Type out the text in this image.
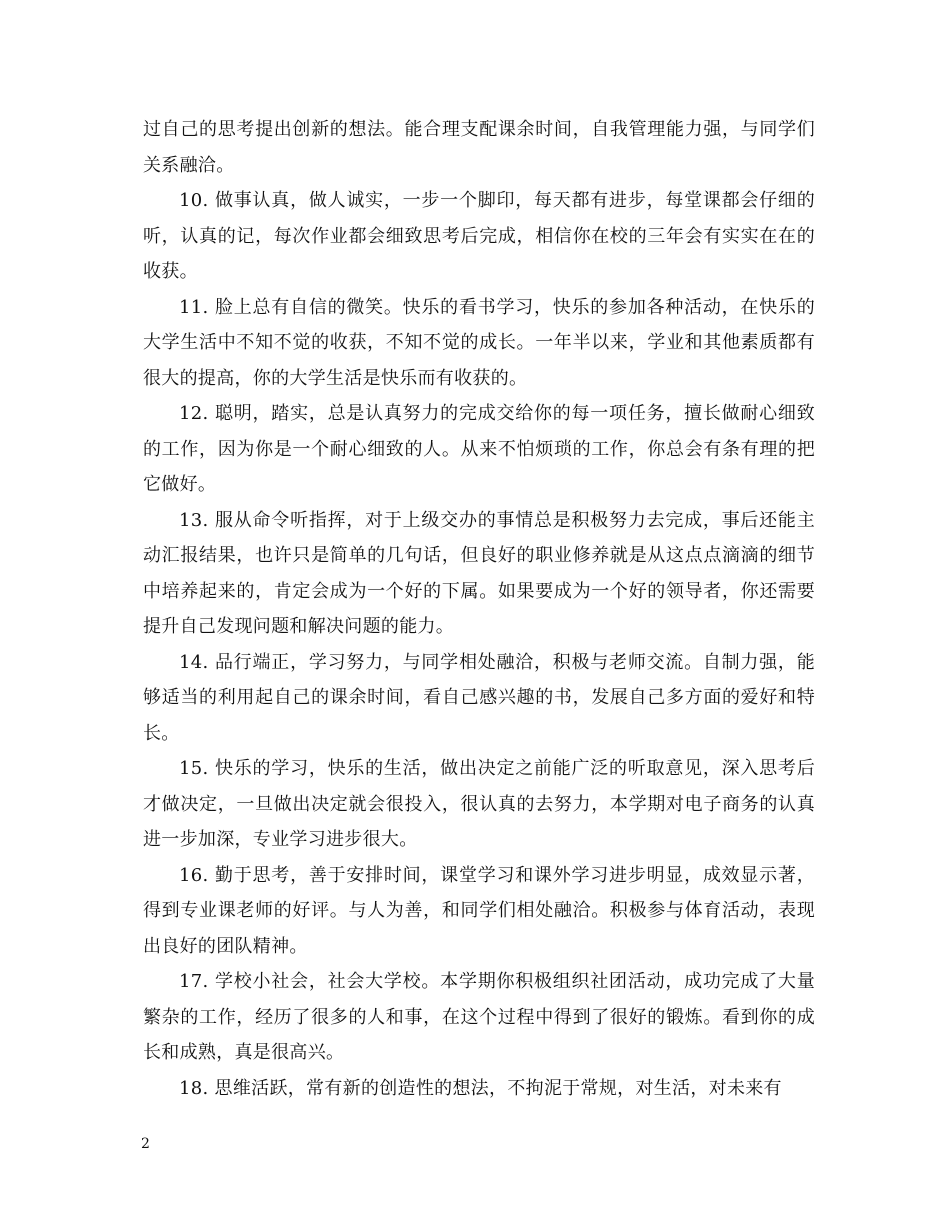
过自己的思考提出创新的想法。能合理支配课余时间，自我管理能力强，与同学们关系融洽。

10. 做事认真，做人诚实，一步一个脚印，每天都有进步，每堂课都会仔细的听，认真的记，每次作业都会细致思考后完成，相信你在校的三年会有实实在在的收获。

11. 脸上总有自信的微笑。快乐的看书学习，快乐的参加各种活动，在快乐的大学生活中不知不觉的收获，不知不觉的成长。一年半以来，学业和其他素质都有很大的提高，你的大学生活是快乐而有收获的。

12. 聪明，踏实，总是认真努力的完成交给你的每一项任务，擅长做耐心细致的工作，因为你是一个耐心细致的人。从来不怕烦琐的工作，你总会有条有理的把它做好。

13. 服从命令听指挥，对于上级交办的事情总是积极努力去完成，事后还能主动汇报结果，也许只是简单的几句话，但良好的职业修养就是从这点点滴滴的细节中培养起来的，肯定会成为一个好的下属。如果要成为一个好的领导者，你还需要提升自己发现问题和解决问题的能力。

14. 品行端正，学习努力，与同学相处融洽，积极与老师交流。自制力强，能够适当的利用起自己的课余时间，看自己感兴趣的书，发展自己多方面的爱好和特长。

15. 快乐的学习，快乐的生活，做出决定之前能广泛的听取意见，深入思考后才做决定，一旦做出决定就会很投入，很认真的去努力，本学期对电子商务的认真进一步加深，专业学习进步很大。

16. 勤于思考，善于安排时间，课堂学习和课外学习进步明显，成效显示著，得到专业课老师的好评。与人为善，和同学们相处融洽。积极参与体育活动，表现出良好的团队精神。

17. 学校小社会，社会大学校。本学期你积极组织社团活动，成功完成了大量繁杂的工作，经历了很多的人和事，在这个过程中得到了很好的锻炼。看到你的成长和成熟，真是很高兴。

18. 思维活跃，常有新的创造性的想法，不拘泥于常规，对生活，对未来有

2
